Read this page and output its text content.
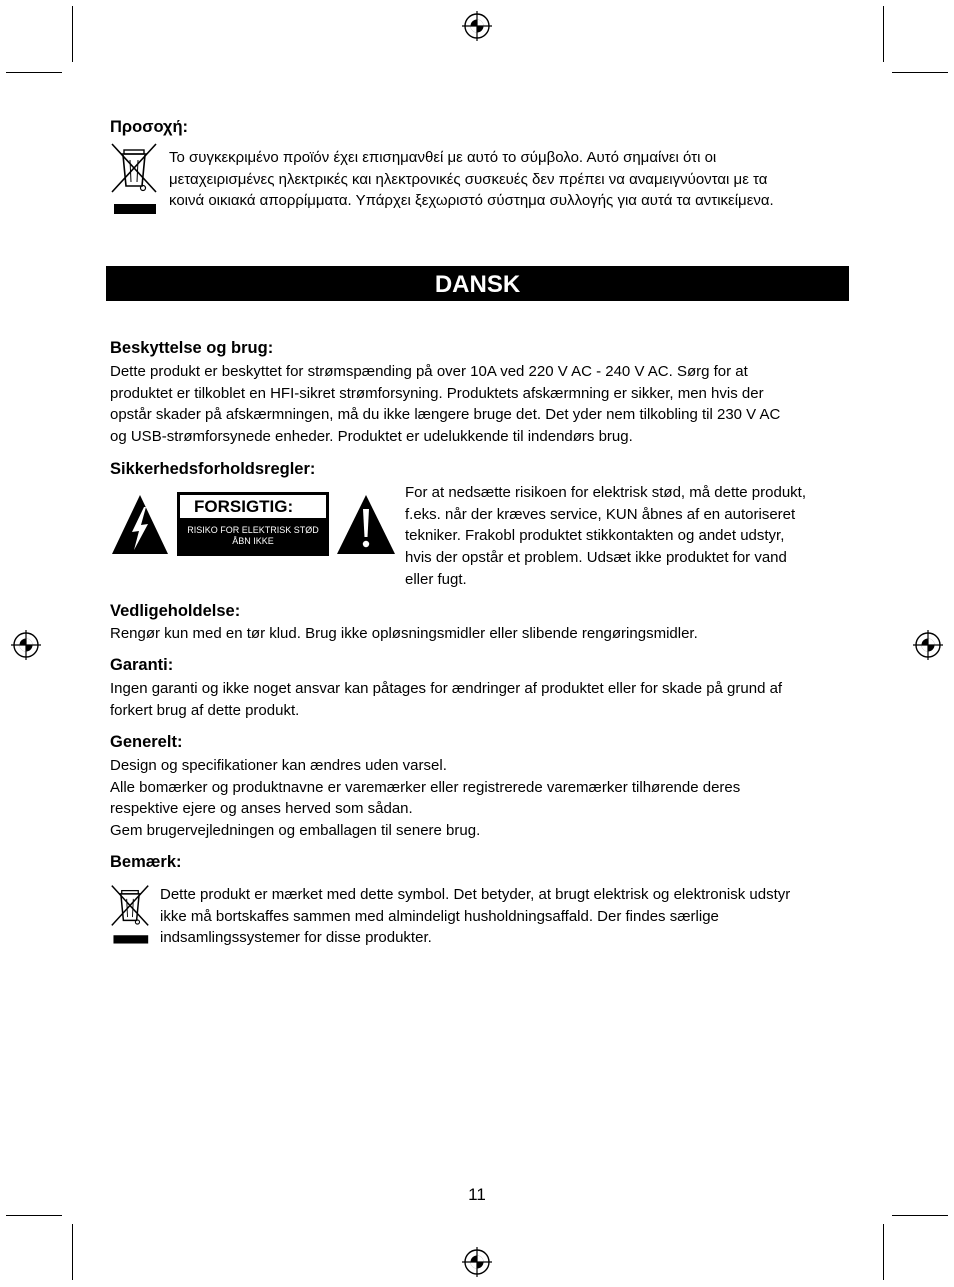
Προσοχή:
Το συγκεκριμένο προϊόν έχει επισημανθεί με αυτό το σύμβολο. Αυτό σημαίνει ότι οι
μεταχειρισμένες ηλεκτρικές και ηλεκτρονικές συσκευές δεν πρέπει να αναμειγνύονται με τα
κοινά οικιακά απορρίμματα. Υπάρχει ξεχωριστό σύστημα συλλογής για αυτά τα αντικείμενα.
DANSK
Beskyttelse og brug:
Dette produkt er beskyttet for strømspænding på over 10A ved 220 V AC - 240 V AC. Sørg for at
produktet er tilkoblet en HFI-sikret strømforsyning. Produktets afskærmning er sikker, men hvis der
opstår skader på afskærmningen, må du ikke længere bruge det. Det yder nem tilkobling til 230 V AC
og USB-strømforsynede enheder. Produktet er udelukkende til indendørs brug.
Sikkerhedsforholdsregler:
FORSIGTIG:
RISIKO FOR ELEKTRISK STØD
ÅBN IKKE
For at nedsætte risikoen for elektrisk stød, må dette produkt,
f.eks. når der kræves service, KUN åbnes af en autoriseret
tekniker. Frakobl produktet stikkontakten og andet udstyr,
hvis der opstår et problem. Udsæt ikke produktet for vand
eller fugt.
Vedligeholdelse:
Rengør kun med en tør klud. Brug ikke opløsningsmidler eller slibende rengøringsmidler.
Garanti:
Ingen garanti og ikke noget ansvar kan påtages for ændringer af produktet eller for skade på grund af
forkert brug af dette produkt.
Generelt:
Design og specifikationer kan ændres uden varsel.
Alle bomærker og produktnavne er varemærker eller registrerede varemærker tilhørende deres
respektive ejere og anses herved som sådan.
Gem brugervejledningen og emballagen til senere brug.
Bemærk:
Dette produkt er mærket med dette symbol. Det betyder, at brugt elektrisk og elektronisk udstyr
ikke må bortskaffes sammen med almindeligt husholdningsaffald. Der findes særlige
indsamlingssystemer for disse produkter.
11
